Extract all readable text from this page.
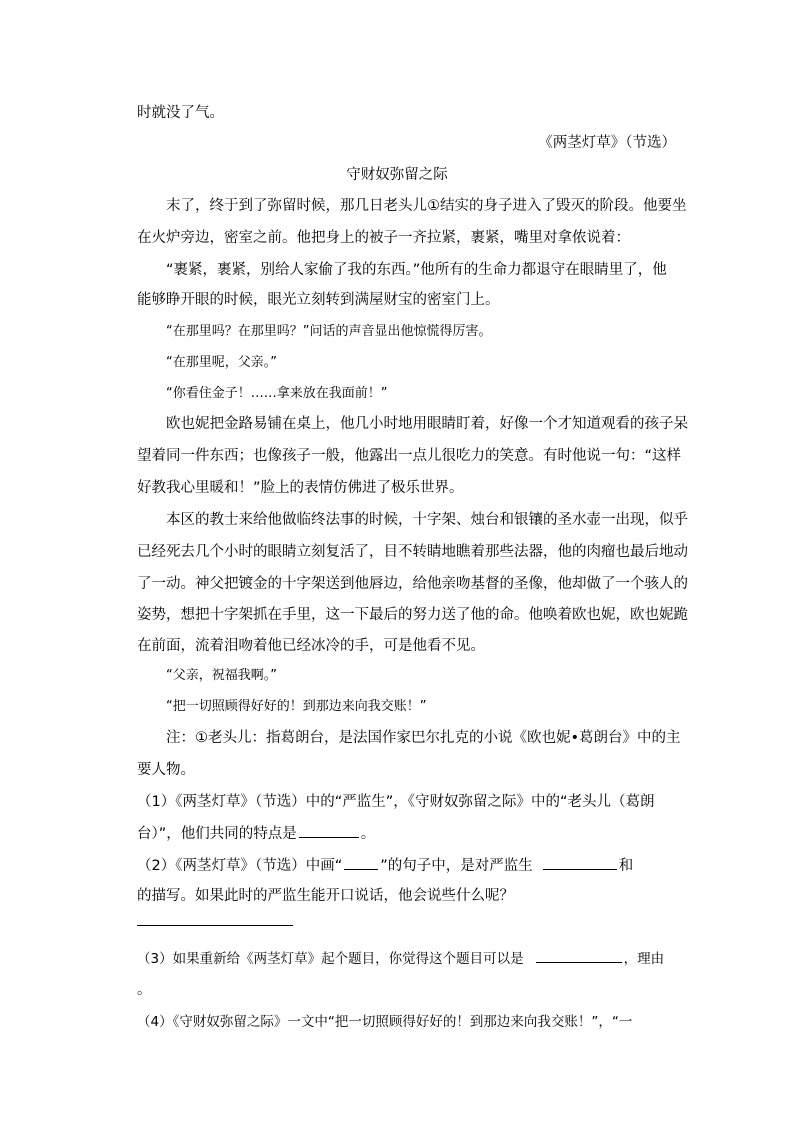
时就没了气。
《两茎灯草》（节选）
守财奴弥留之际
末了，终于到了弥留时候，那几日老头儿①结实的身子进入了毁灭的阶段。他要坐
在火炉旁边，密室之前。他把身上的被子一齐拉紧，裹紧，嘴里对拿侬说着：
“裹紧，裹紧，别给人家偷了我的东西。”他所有的生命力都退守在眼睛里了，他
能够睁开眼的时候，眼光立刻转到满屋财宝的密室门上。
“在那里吗？在那里吗？”问话的声音显出他惊慌得厉害。
“在那里呢，父亲。”
“你看住金子！……拿来放在我面前！”
欧也妮把金路易铺在桌上，他几小时地用眼睛盯着，好像一个才知道观看的孩子呆
望着同一件东西；也像孩子一般，他露出一点儿很吃力的笑意。有时他说一句：“这样
好教我心里暖和！”脸上的表情仿佛进了极乐世界。
本区的教士来给他做临终法事的时候，十字架、烛台和银镶的圣水壶一出现，似乎
已经死去几个小时的眼睛立刻复活了，目不转睛地瞧着那些法器，他的肉瘤也最后地动
了一动。神父把镀金的十字架送到他唇边，给他亲吻基督的圣像，他却做了一个骇人的
姿势，想把十字架抓在手里，这一下最后的努力送了他的命。他唤着欧也妮，欧也妮跪
在前面，流着泪吻着他已经冰冷的手，可是他看不见。
“父亲，祝福我啊。”
“把一切照顾得好好的！到那边来向我交账！”
注：①老头儿：指葛朗台，是法国作家巴尔扎克的小说《欧也妮•葛朗台》中的主
要人物。
（1）《两茎灯草》（节选）中的“严监生”，《守财奴弥留之际》中的“老头儿（葛朗
台）”，他们共同的特点是	。
（2）《两茎灯草》（节选）中画“	”的句子中，是对严监生	和
的描写。如果此时的严监生能开口说话，他会说些什么呢？
（3）如果重新给《两茎灯草》起个题目，你觉得这个题目可以是	，理由
。
（4）《守财奴弥留之际》一文中“把一切照顾得好好的！到那边来向我交账！”，“一
